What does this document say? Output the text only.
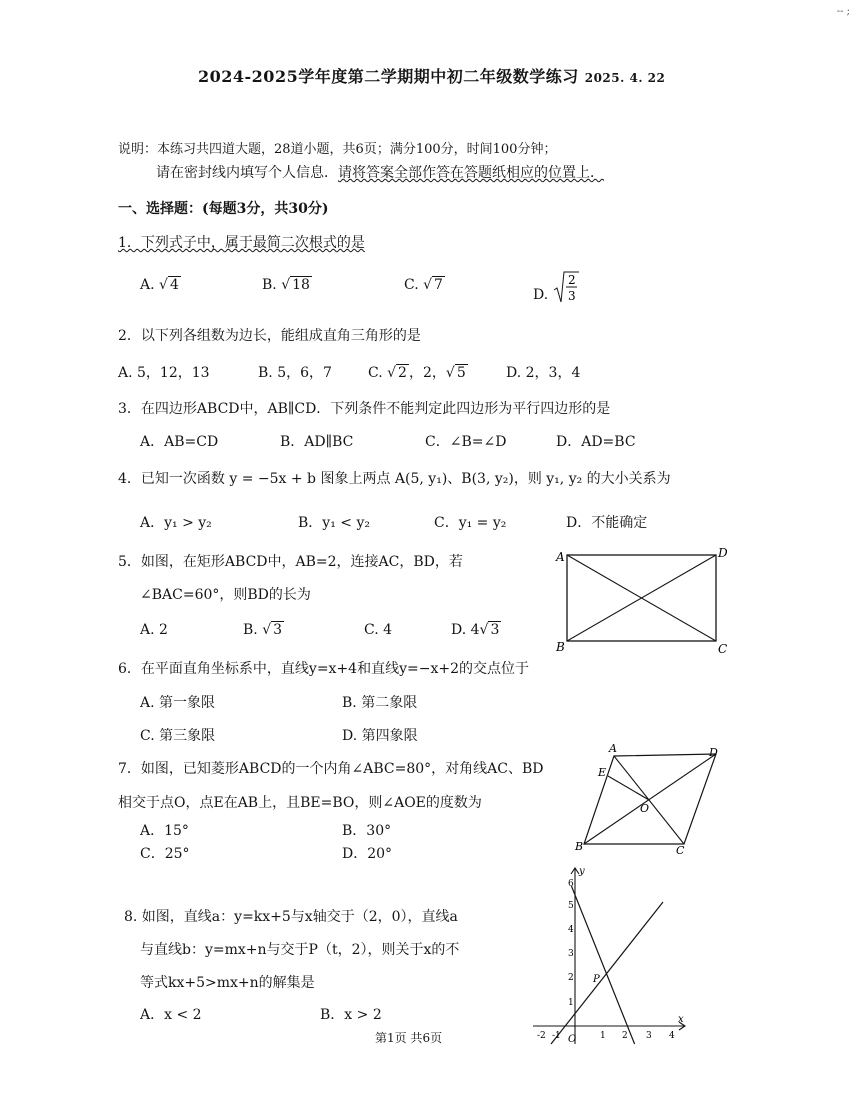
-- ;
2024-2025学年度第二学期期中初二年级数学练习 2025. 4. 22
说明：本练习共四道大题，28道小题，共6页；满分100分，时间100分钟；
请在密封线内填写个人信息．请将答案全部作答在答题纸相应的位置上．
一、选择题：(每题3分，共30分)
1．下列式子中，属于最简二次根式的是
A. √ 4	B. √ 18	C. √ 7
D.
2
3
2．以下列各组数为边长，能组成直角三角形的是
A. 5，12，13	B. 5，6，7	C. √ 2 ，2，√ 5	D. 2，3，4
3．在四边形ABCD中，AB∥CD．下列条件不能判定此四边形为平行四边形的是
A．AB=CD	B．AD∥BC	C．∠B=∠D	D．AD=BC
4．已知一次函数 y = −5x + b 图象上两点 A(5, y₁)、B(3, y₂)，则 y₁, y₂ 的大小关系为
A．y₁ > y₂	B．y₁ < y₂	C．y₁ = y₂	D．不能确定
5．如图，在矩形ABCD中，AB=2，连接AC，BD，若
∠BAC=60°，则BD的长为
A. 2	B. √ 3	C. 4	D. 4√ 3
A	D
B	C
6．在平面直角坐标系中，直线y=x+4和直线y=−x+2的交点位于
A. 第一象限	B. 第二象限
C. 第三象限	D. 第四象限
7．如图，已知菱形ABCD的一个内角∠ABC=80°，对角线AC、BD
相交于点O，点E在AB上，且BE=BO，则∠AOE的度数为
A．15°	B．30°
C．25°	D．20°
A	D
E
O
B	C
8. 如图，直线a：y=kx+5与x轴交于（2，0），直线a
与直线b：y=mx+n与交于P（t，2），则关于x的不
等式kx+5>mx+n的解集是
A．x < 2	B．x > 2
-2 -1	1 2 3 4
O
1
2
3
4
5
6
x
y
P
第1页 共6页
